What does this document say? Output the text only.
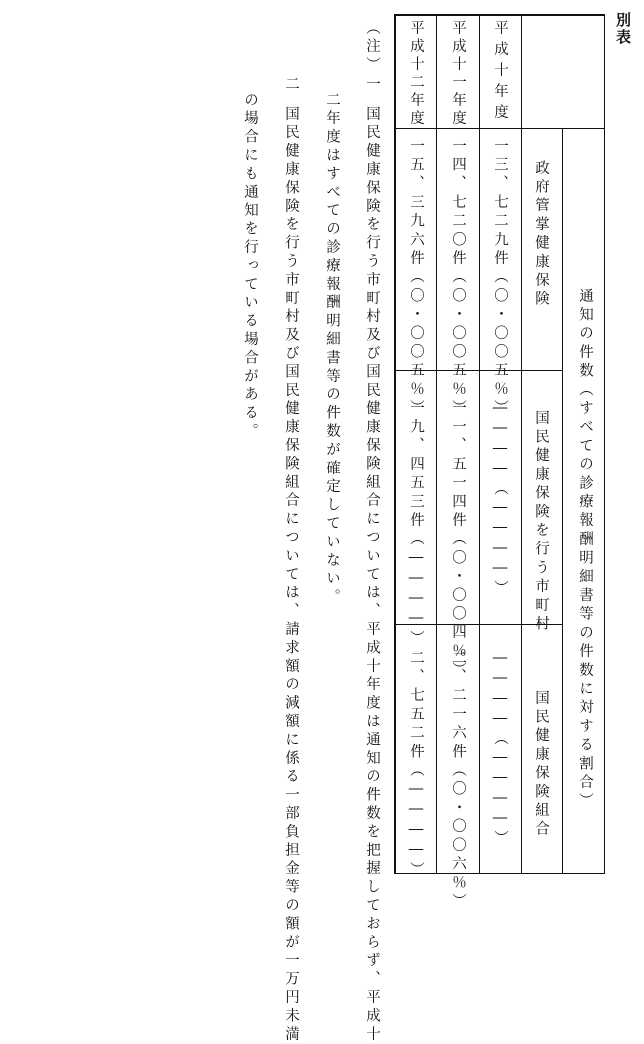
別表
通知の件数（すべての診療報酬明細書等の件数に対する割合）
政府管掌健康保険
国民健康保険を行う市町村
国民健康保険組合
平成十年度
一三、七二九件（〇・〇〇五％）
――――（――――）
――――（――――）
平成十一年度
一四、七二〇件（〇・〇〇五％）
一一、五一四件（〇・〇〇四％）
二、二一六件（〇・〇〇六％）
平成十二年度
一五、三九六件（〇・〇〇五％）
一九、四五三件（――――）
二、七五二件（――――）
（注）
一
国民健康保険を行う市町村及び国民健康保険組合については、平成十年度は通知の件数を把握しておらず、平成十
二年度はすべての診療報酬明細書等の件数が確定していない。
二
国民健康保険を行う市町村及び国民健康保険組合については、請求額の減額に係る一部負担金等の額が一万円未満
の場合にも通知を行っている場合がある。
